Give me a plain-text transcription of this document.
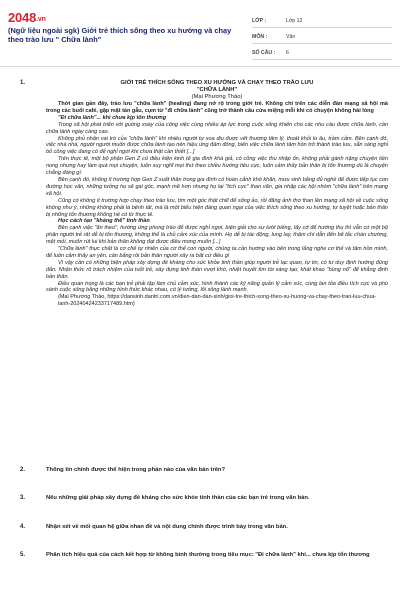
2048.vn
(Ngữ liệu ngoài sgk) Giới trẻ thích sống theo xu hướng và chạy theo trào lưu " Chữa lành"
LỚP :	Lớp 12
MÔN :	Văn
SỐ CÂU :	6
1.	GIỚI TRẺ THÍCH SỐNG THEO XU HƯỚNG VÀ CHẠY THEO TRÀO LƯU
"CHỮA LÀNH"
(Mai Phương Thảo)
Thời gian gần đây, trào lưu "chữa lành" (healing) đang nở rộ trong giới trẻ. Không chỉ trên các diễn đàn mạng xã hội mà trong các buổi café, gặp mặt tán gẫu, cụm từ "đi chữa lành" cũng trở thành câu cửa miệng mỗi khi có chuyện không hài lòng
"Đi chữa lành"... khi chưa kịp tổn thương
Trong xã hội phát triển với guồng xoáy của công việc cùng nhiều áp lực trong cuộc sống khiến cho các nhu cầu được chữa lành, cần chữa lành ngày càng cao.
Không phủ nhận vai trò của "chữa lành" khi nhiều người tự xoa dịu được vết thương tâm lý, thoát khỏi lo âu, trầm cảm. Bên cạnh đó, việc nhà nhà, người người muốn được chữa lành tạo nên hiệu ứng đám đông, biến việc chữa lành tâm hồn trở thành trào lưu, sẵn sàng nghỉ bỏ công việc đang có để nghỉ ngơi khi chưa thật cần thiết [...]
Trên thực tế, một bộ phận Gen Z có điều kiện kinh tế gia đình khá giả, có công việc thu nhập ổn, không phải gánh nặng chuyện tiền nong nhưng hay làm quá mọi chuyện, luôn suy nghĩ mọi thứ theo chiều hướng tiêu cực, luôn cảm thấy bản thân bị tổn thương dù là chuyện chẳng đáng gì.
Bên cạnh đó, không ít trường hợp Gen Z xuất thân trong gia đình có hoàn cảnh khó khăn, mưu sinh bằng đủ nghề để được tiếp tục con đường học vấn, những tưởng họ sẽ gai góc, mạnh mẽ hơn nhưng họ lại "tích cực" than vãn, gia nhập các hội nhóm "chữa lành" trên mạng xã hội.
Cũng có không ít trường hợp chạy theo trào lưu, tìm một góc thật chill để sống ảo, rồi đăng ảnh thơ than lên mạng xã hội về cuộc sống không như ý, những không phải là bệnh tật, mà là một biểu hiện đáng quan ngại của việc thích sống theo xu hướng, tự tuyệt hoặc bản thân bị những tổn thương không hề có từ thực tế.
Học cách tạo "kháng thể" tinh thần
Bên cạnh việc "ăn theo", hướng ứng phong trào để được nghỉ ngơi, biện giải cho sự lười biếng, lấy cớ để hướng thụ thì vẫn có một bộ phận người trẻ rất dễ bị tổn thương, không thể là chủ cảm xúc của mình. Họ dễ bị tác động, lung lay, thậm chí dẫn đến bế tắc chán chường, mệt mỏi, muốn rút lui khi bản thân không đạt được điều mong muốn [...]
"Chữa lành" thực chất là cơ chế tự nhiên của cơ thể con người, chúng ta cần hướng vào bên trong lắng nghe cơ thể và tâm hồn mình, để luôn cảm thấy an yên, cân bằng rồi bản thân người xây ra bất cứ điều gì
Vì vậy cần có những biện pháp xây dựng đề kháng cho sức khỏe tinh thần giúp người trẻ lạc quan, tự tin, có tư duy định hướng đúng đắn. Nhận thức rõ trách nhiệm của tuổi trẻ, xây dựng tinh thần vượt khó, nhiệt huyết tìm tòi sáng tạo, khát khao "bùng nổ" để khẳng định bản thân.
Điều quan trọng là các bạn trẻ phải tập làm chủ cảm xúc, hình thành các kỹ năng quản lý cảm xúc, cùng lan tỏa điều tích cực và phù sánh cuộc sống bằng những hình thức khác nhau, có lý tưởng, lối sống lành mạnh.
(Mai Phương Thảo, https://dansinh.dantri.com.vn/dien-dan-dan-sinh/gioi-tre-thich-song-theo-xu-huong-va-chay-theo-trao-luu-chua-lanh-20240424233717489.htm)
2.	Thông tin chính được thể hiện trong phần nào của văn bản trên?
3.	Nêu những giải pháp xây dựng đề kháng cho sức khỏe tinh thần của các bạn trẻ trong văn bản.
4.	Nhận xét về mối quan hệ giữa nhan đề và nội dung chính được trình bày trong văn bản.
5.	Phân tích hiệu quả của cách kết hợp từ không bình thường trong tiêu mục: "Đi chữa lành" khi... chưa kịp tổn thương
